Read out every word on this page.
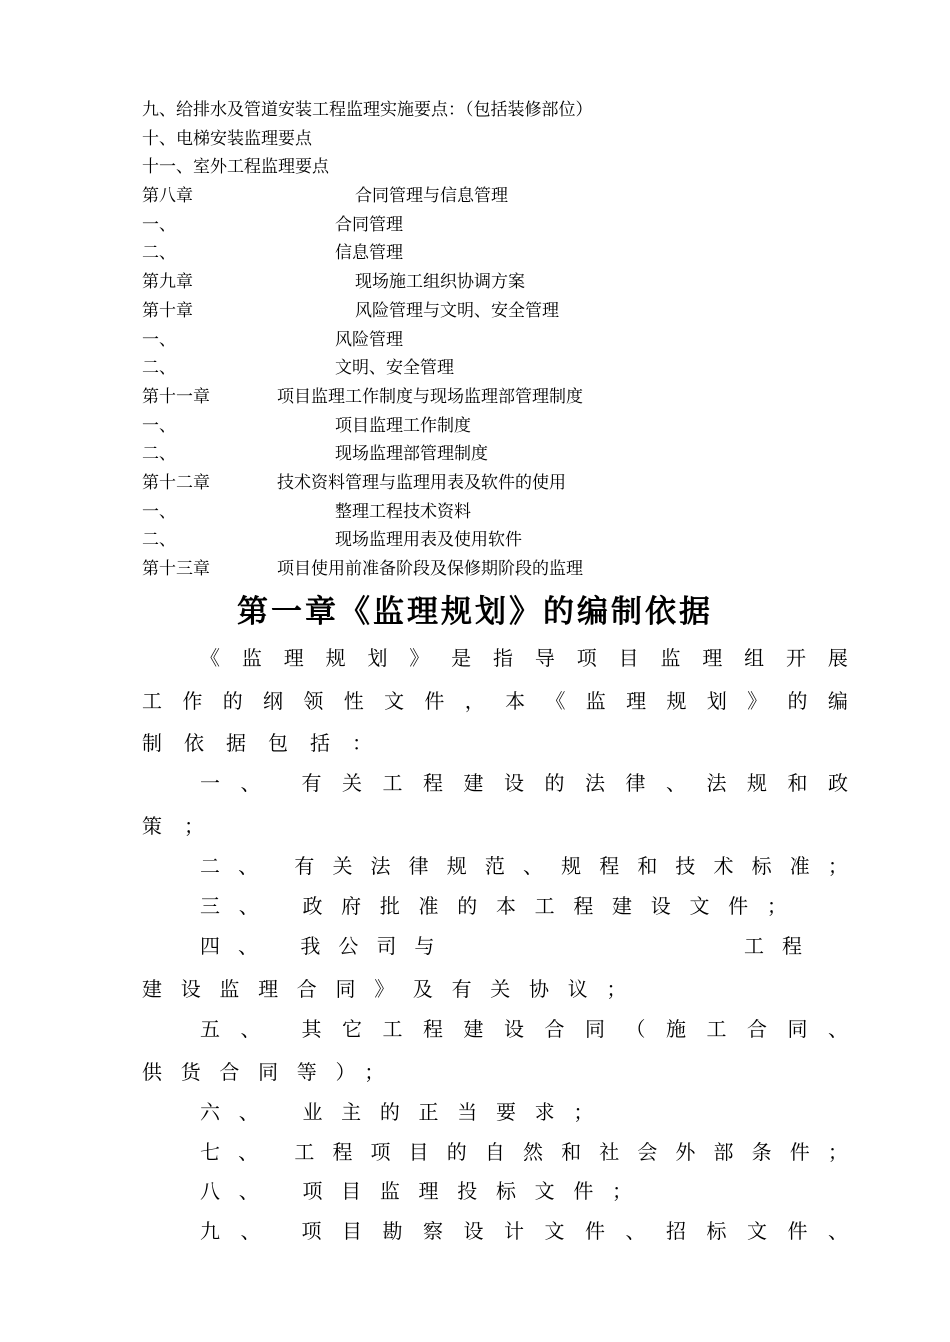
九、给排水及管道安装工程监理实施要点：（包括装修部位）
十、电梯安装监理要点
十一、室外工程监理要点
第八章	合同管理与信息管理
一、	合同管理
二、	信息管理
第九章	现场施工组织协调方案
第十章	风险管理与文明、安全管理
一、	风险管理
二、	文明、安全管理
第十一章	项目监理工作制度与现场监理部管理制度
一、	项目监理工作制度
二、	现场监理部管理制度
第十二章	技术资料管理与监理用表及软件的使用
一、	整理工程技术资料
二、	现场监理用表及使用软件
第十三章	项目使用前准备阶段及保修期阶段的监理
第一章《监理规划》的编制依据
《 监 理 规 划 》 是 指 导 项 目 监 理 组 开 展
工 作 的 纲 领 性 文 件 ， 本 《 监 理 规 划 》 的 编
制依据包括：
一 、 有 关 工 程 建 设 的 法 律 、 法 规 和 政
策；
二 、 有 关 法 律 规 范 、 规 程 和 技 术 标 准 ；
三、 政府批准的本工程建设文件；
四、 我公司与	工程
建设监理合同》及有关协议；
五 、 其 它 工 程 建 设 合 同 （ 施 工 合 同 、
供货合同等）；
六、 业主的正当要求；
七 、 工 程 项 目 的 自 然 和 社 会 外 部 条 件 ；
八、 项目监理投标文件；
九 、 项 目 勘 察 设 计 文 件 、 招 标 文 件 、
